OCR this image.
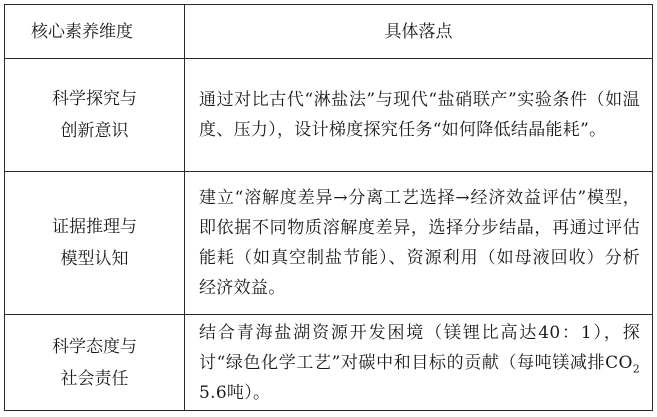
核心素养维度	具体落点

科学探究与
创新意识	通过对比古代“淋盐法”与现代“盐硝联产”实验条件（如温度、压力），设计梯度探究任务“如何降低结晶能耗”。

证据推理与
模型认知	建立“溶解度差异→分离工艺选择→经济效益评估”模型，即依据不同物质溶解度差异，选择分步结晶，再通过评估能耗（如真空制盐节能）、资源利用（如母液回收）分析经济效益。

科学态度与
社会责任	结合青海盐湖资源开发困境（镁锂比高达40：1），探讨“绿色化学工艺”对碳中和目标的贡献（每吨镁减排$CO_2$ 5.6吨）。
